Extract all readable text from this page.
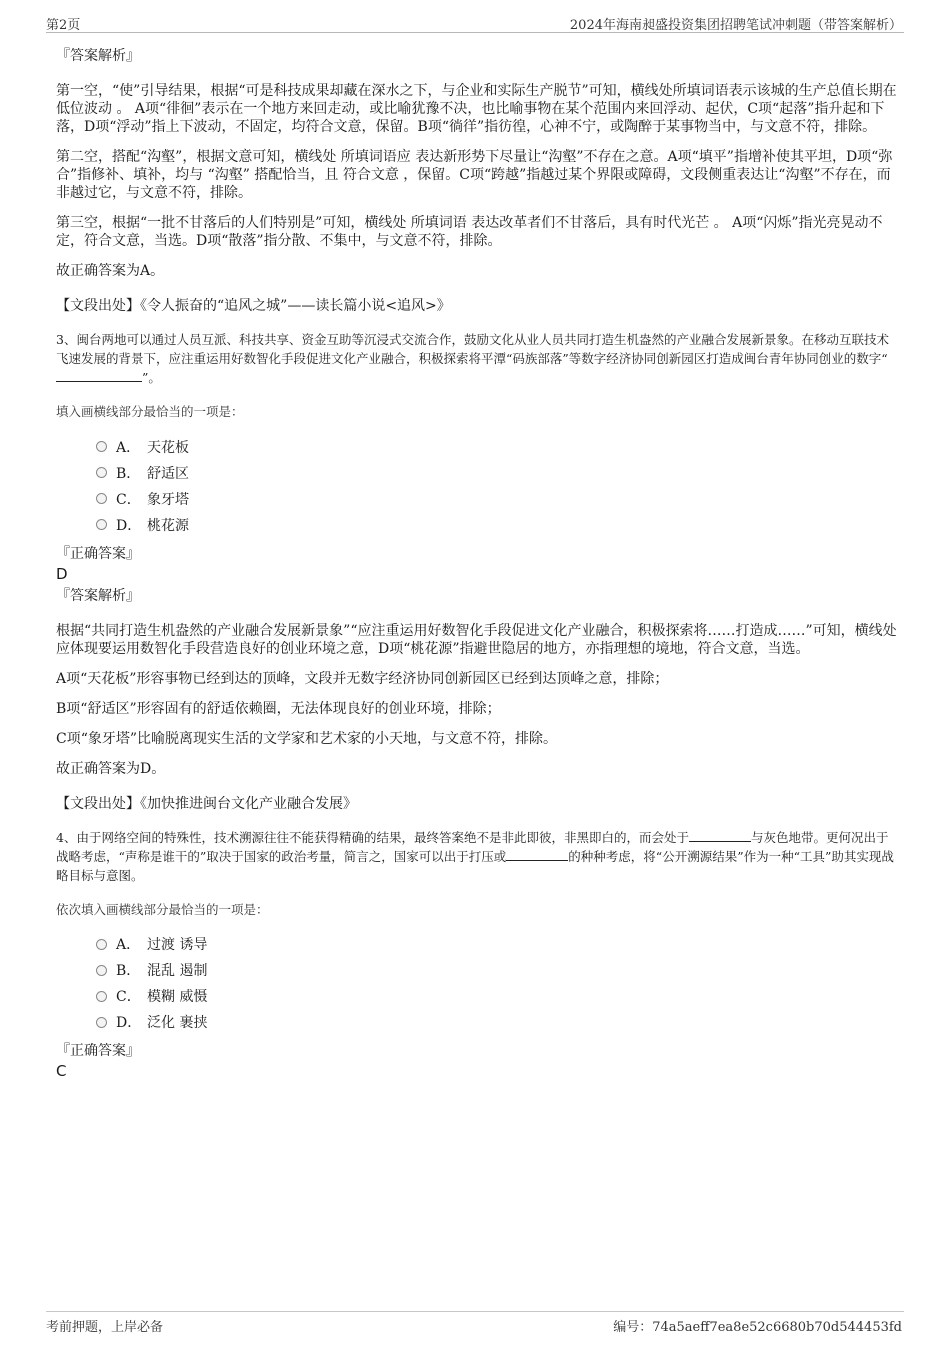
第2页	2024年海南昶盛投资集团招聘笔试冲刺题（带答案解析）

『答案解析』

第一空，“使”引导结果，根据“可是科技成果却藏在深水之下，与企业和实际生产脱节”可知，横线处所填词语表示该城的生产总值长期在低位波动 。 A项“徘徊”表示在一个地方来回走动，或比喻犹豫不决，也比喻事物在某个范围内来回浮动、起伏，C项“起落”指升起和下落，D项“浮动”指上下波动，不固定，均符合文意，保留。B项“徜徉”指彷徨，心神不宁，或陶醉于某事物当中，与文意不符，排除。

第二空，搭配“沟壑”，根据文意可知，横线处 所填词语应 表达新形势下尽量让“沟壑”不存在之意。A项“填平”指增补使其平坦，D项“弥合”指修补、填补，均与 “沟壑” 搭配恰当，且 符合文意 ，保留。C项“跨越”指越过某个界限或障碍，文段侧重表达让“沟壑”不存在，而非越过它，与文意不符，排除。

第三空，根据“一批不甘落后的人们特别是”可知，横线处 所填词语 表达改革者们不甘落后，具有时代光芒 。 A项“闪烁”指光亮晃动不定，符合文意，当选。D项“散落”指分散、不集中，与文意不符，排除。

故正确答案为A。

【文段出处】《令人振奋的“追风之城”——读长篇小说<追风>》

3、闽台两地可以通过人员互派、科技共享、资金互助等沉浸式交流合作，鼓励文化从业人员共同打造生机盎然的产业融合发展新景象。在移动互联技术飞速发展的背景下，应注重运用好数智化手段促进文化产业融合，积极探索将平潭“码族部落”等数字经济协同创新园区打造成闽台青年协同创业的数字“”。

填入画横线部分最恰当的一项是：

A． 天花板
B． 舒适区
C． 象牙塔
D． 桃花源

『正确答案』

D

『答案解析』

根据“共同打造生机盎然的产业融合发展新景象”“应注重运用好数智化手段促进文化产业融合，积极探索将……打造成……”可知，横线处应体现要运用数智化手段营造良好的创业环境之意，D项“桃花源”指避世隐居的地方，亦指理想的境地，符合文意，当选。

A项“天花板”形容事物已经到达的顶峰，文段并无数字经济协同创新园区已经到达顶峰之意，排除；

B项“舒适区”形容固有的舒适依赖圈，无法体现良好的创业环境，排除；

C项“象牙塔”比喻脱离现实生活的文学家和艺术家的小天地，与文意不符，排除。

故正确答案为D。

【文段出处】《加快推进闽台文化产业融合发展》

4、由于网络空间的特殊性，技术溯源往往不能获得精确的结果，最终答案绝不是非此即彼，非黑即白的，而会处于	与灰色地带。更何况出于战略考虑，“声称是谁干的”取决于国家的政治考量，简言之，国家可以出于打压或	的种种考虑，将“公开溯源结果”作为一种“工具”助其实现战略目标与意图。

依次填入画横线部分最恰当的一项是：

A． 过渡 诱导
B． 混乱 遏制
C． 模糊 威慑
D． 泛化 裹挟

『正确答案』

C

考前押题，上岸必备	编号：74a5aeff7ea8e52c6680b70d544453fd
